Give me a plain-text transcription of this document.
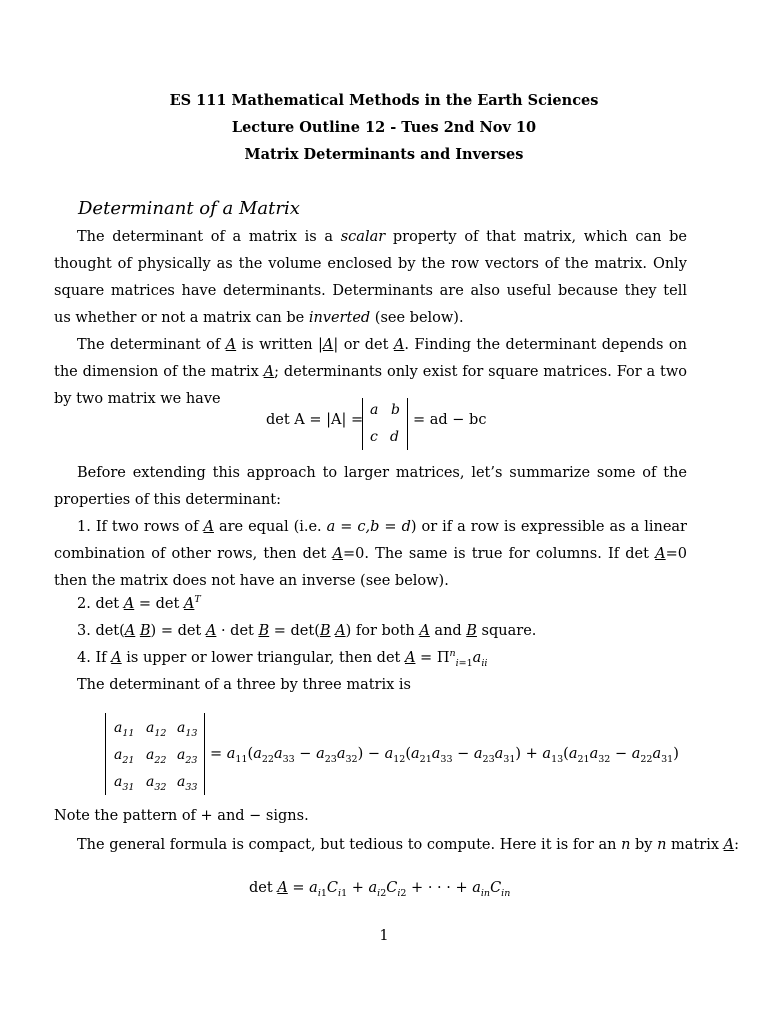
ES 111 Mathematical Methods in the Earth Sciences
Lecture Outline 12 - Tues 2nd Nov 10
Matrix Determinants and Inverses
Determinant of a Matrix

The determinant of a matrix is a scalar property of that matrix, which can be thought of physically as the volume enclosed by the row vectors of the matrix. Only square matrices have determinants. Determinants are also useful because they tell us whether or not a matrix can be inverted (see below).

The determinant of A is written |A| or det A. Finding the determinant depends on the dimension of the matrix A; determinants only exist for square matrices. For a two by two matrix we have

det A = |A| =
a b
c d
= ad − bc

Before extending this approach to larger matrices, let’s summarize some of the properties of this determinant:

1. If two rows of A are equal (i.e. a = c,b = d) or if a row is expressible as a linear combination of other rows, then det A=0. The same is true for columns. If det A=0 then the matrix does not have an inverse (see below).

2. $\det A = \det A^T$
3. det(A B) = det A · det B = det(B A) for both A and B square.
4. If A is upper or lower triangular, then $\det A = \Pi^n_{i=1}a_{ii}$
The determinant of a three by three matrix is
$a_{11}$ $a_{12}$ $a_{13}$
$a_{21}$ $a_{22}$ $a_{23}$
$a_{31}$ $a_{32}$ $a_{33}$
= $a_{11}(a_{22}a_{33} - a_{23}a_{32}) - a_{12}(a_{21}a_{33} - a_{23}a_{31}) + a_{13}(a_{21}a_{32} - a_{22}a_{31})$
Note the pattern of + and − signs.
The general formula is compact, but tedious to compute. Here it is for an n by n matrix A:
$\det A = a_{i1}C_{i1} + a_{i2}C_{i2}$ + · · · + $a_{in}C_{in}$
1
